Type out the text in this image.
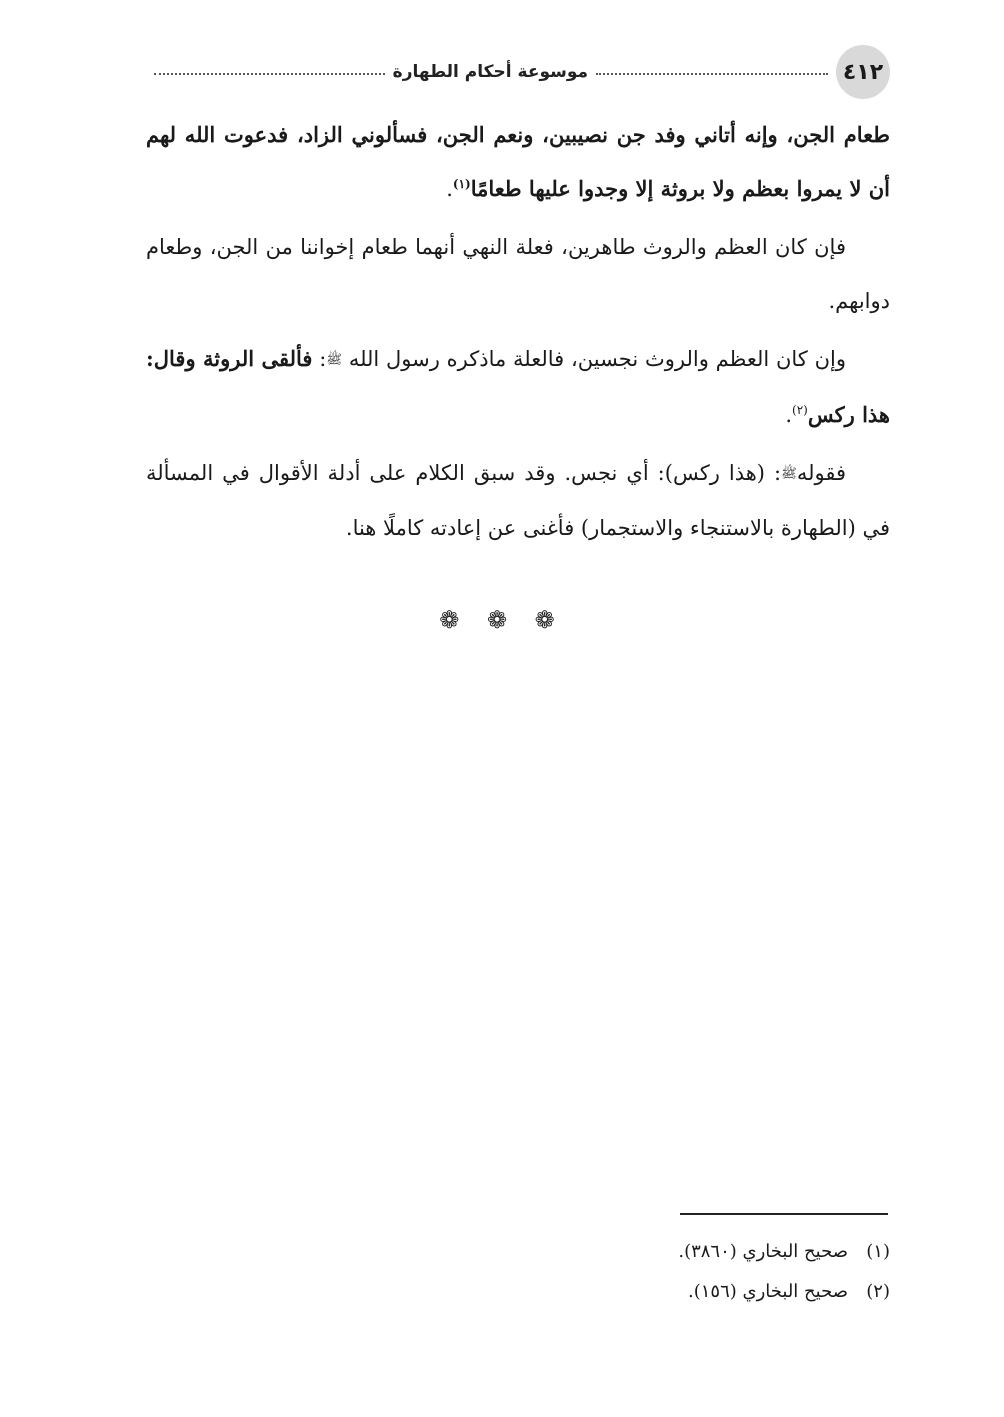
٤١٢
موسوعة أحكام الطهارة

طعام الجن، وإنه أتاني وفد جن نصيبين، ونعم الجن، فسألوني الزاد، فدعوت الله لهم أن لا يمروا بعظم ولا بروثة إلا وجدوا عليها طعامًا$^{(١)}$.

فإن كان العظم والروث طاهرين، فعلة النهي أنهما طعام إخواننا من الجن، وطعام دوابهم.

وإن كان العظم والروث نجسين، فالعلة ماذكره رسول الله ﷺ: فألقى الروثة وقال: هذا ركس$^{(٢)}$.

فقولهﷺ: (هذا ركس): أي نجس. وقد سبق الكلام على أدلة الأقوال في المسألة في (الطهارة بالاستنجاء والاستجمار) فأغنى عن إعادته كاملًا هنا.

❁ ❁ ❁
(١)
صحيح البخاري (٣٨٦٠).
(٢)
صحيح البخاري (١٥٦).
